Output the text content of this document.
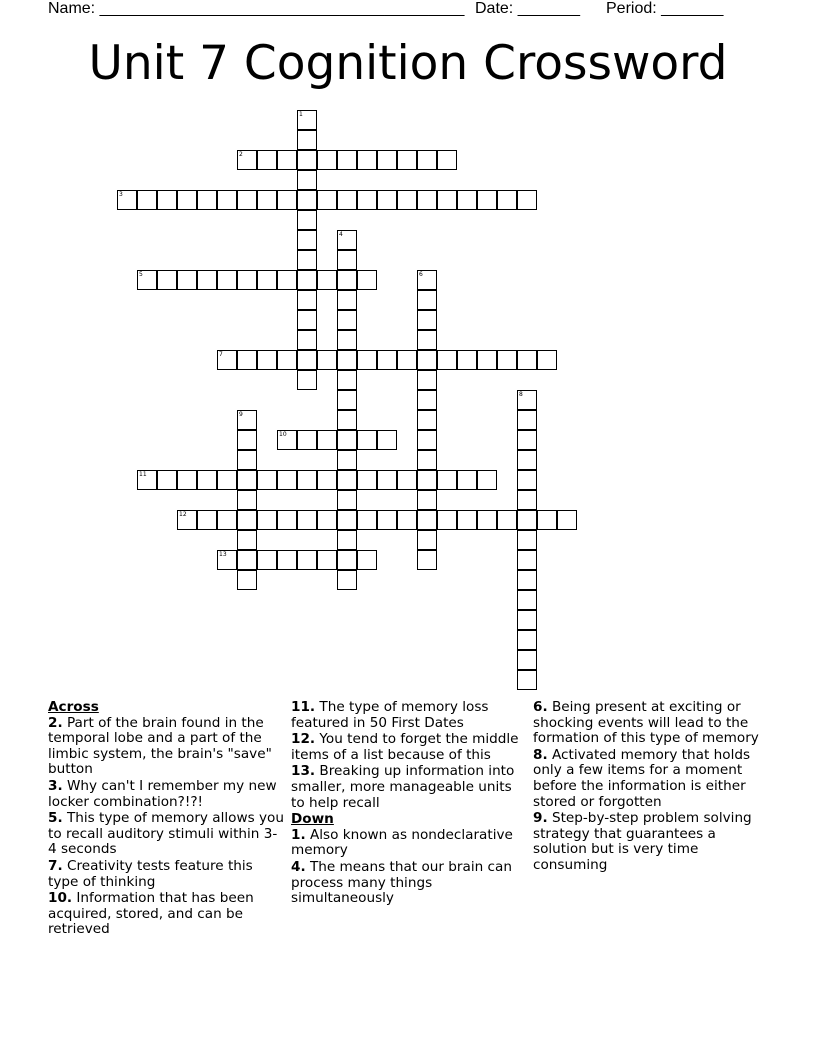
Name: _________________________________________ Date: _______ Period: _______
Unit 7 Cognition Crossword
1
2
3
4
5	6
7
8
9
10
11
12
13
Across
2. Part of the brain found in the temporal lobe and a part of the limbic system, the brain's "save" button
3. Why can't I remember my new locker combination?!?!
5. This type of memory allows you to recall auditory stimuli within 3-4 seconds
7. Creativity tests feature this type of thinking
10. Information that has been acquired, stored, and can be retrieved
11. The type of memory loss featured in 50 First Dates
12. You tend to forget the middle items of a list because of this
13. Breaking up information into smaller, more manageable units to help recall
Down
1. Also known as nondeclarative memory
4. The means that our brain can process many things simultaneously
6. Being present at exciting or shocking events will lead to the formation of this type of memory
8. Activated memory that holds only a few items for a moment before the information is either stored or forgotten
9. Step-by-step problem solving strategy that guarantees a solution but is very time consuming
